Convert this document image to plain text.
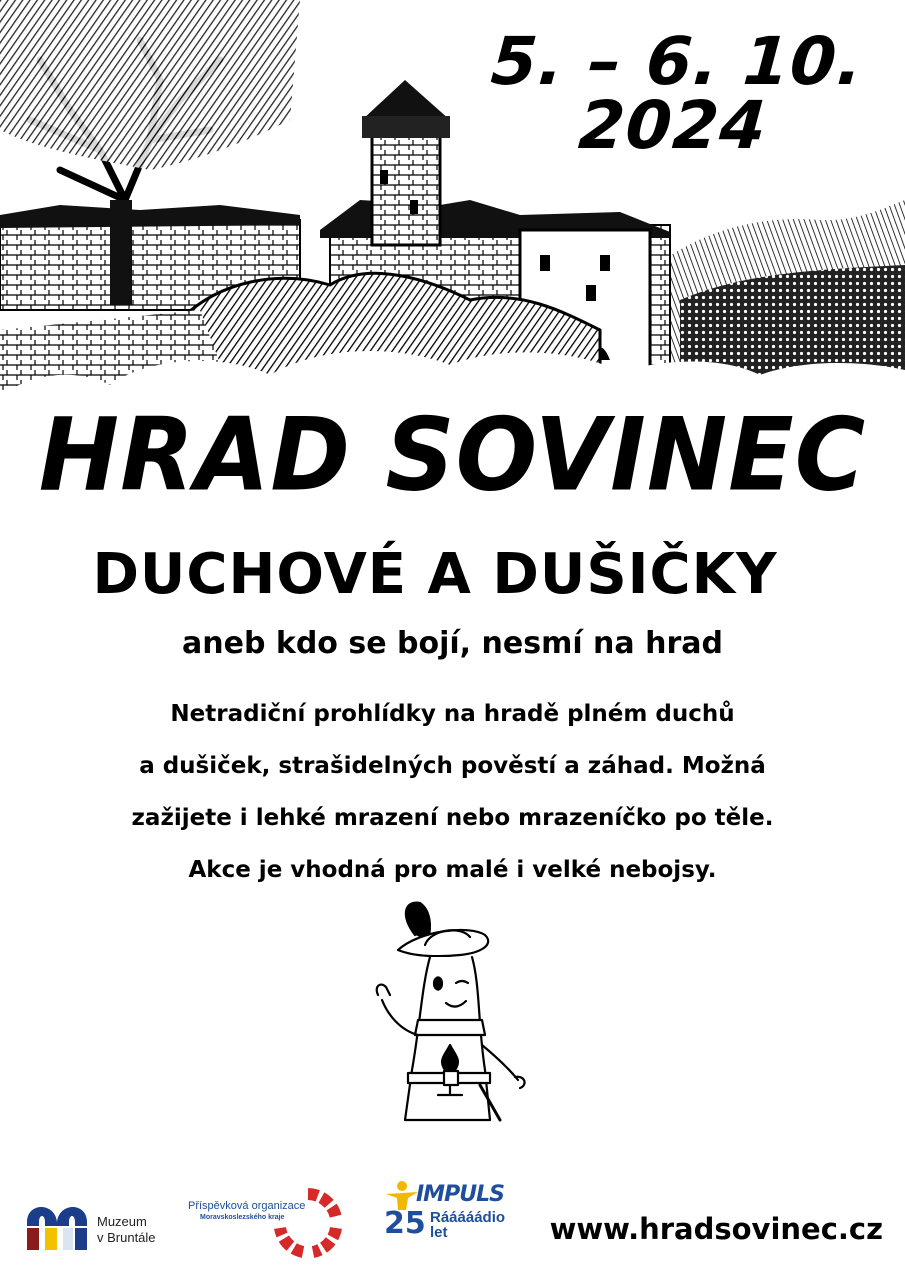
5. – 6. 10.
2024
HRAD SOVINEC
DUCHOVÉ A DUŠIČKY
aneb kdo se bojí, nesmí na hrad
Netradiční prohlídky na hradě plném duchů
a dušiček, strašidelných pověstí a záhad. Možná
zažijete i lehké mrazení nebo mrazeníčko po těle.
Akce je vhodná pro malé i velké nebojsy.
Muzeum
v Bruntále
Příspěvková organizace
Moravskoslezského kraje
IMPULS
25 Rááááádio
let	www.hradsovinec.cz
